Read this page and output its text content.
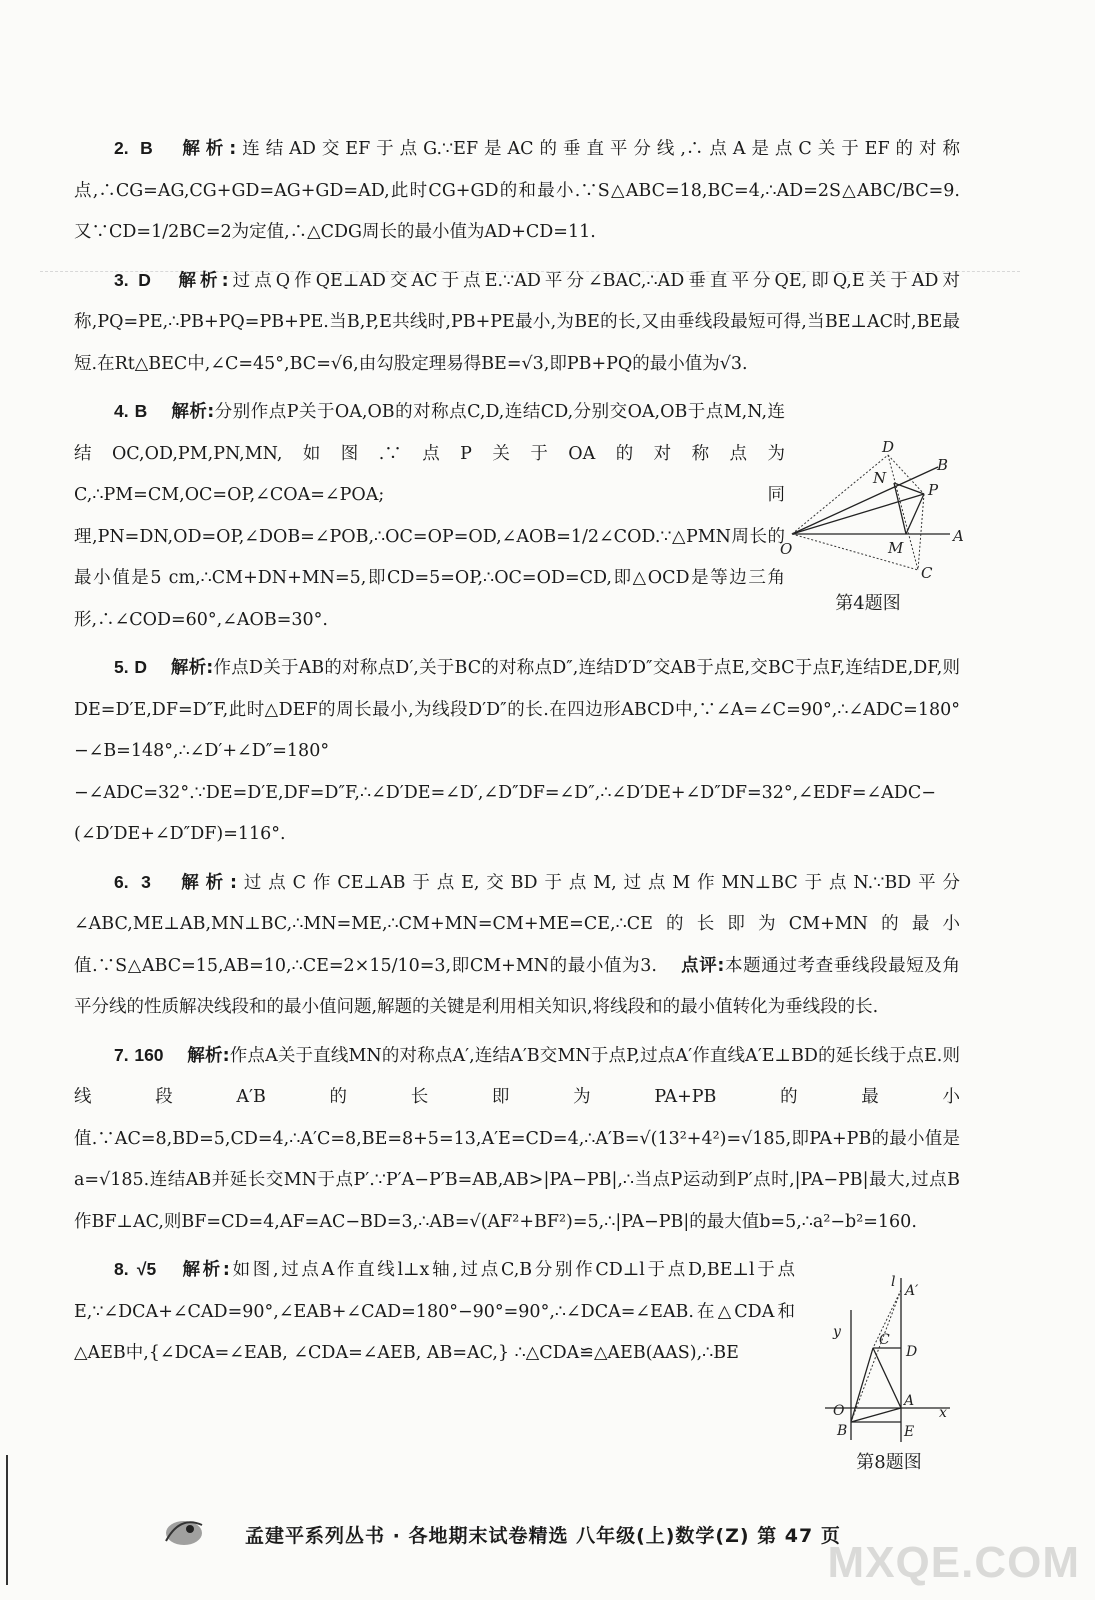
2. B 解析:连结AD交EF于点G.∵EF是AC的垂直平分线,∴点A是点C关于EF的对称点,∴CG=AG,CG+GD=AG+GD=AD,此时CG+GD的和最小.∵S△ABC=18,BC=4,∴AD=2S△ABC/BC=9.又∵CD=1/2BC=2为定值,∴△CDG周长的最小值为AD+CD=11.

3. D 解析:过点Q作QE⊥AD交AC于点E.∵AD平分∠BAC,∴AD垂直平分QE,即Q,E关于AD对称,PQ=PE,∴PB+PQ=PB+PE.当B,P,E共线时,PB+PE最小,为BE的长,又由垂线段最短可得,当BE⊥AC时,BE最短.在Rt△BEC中,∠C=45°,BC=√6,由勾股定理易得BE=√3,即PB+PQ的最小值为√3.

4. B 解析:分别作点P关于OA,OB的对称点C,D,连结CD,分别交OA,OB于点M,N,连结OC,OD,PM,PN,MN,如图.∵点P关于OA的对称点为C,∴PM=CM,OC=OP,∠COA=∠POA;同理,PN=DN,OD=OP,∠DOB=∠POB,∴OC=OP=OD,∠AOB=1/2∠COD.∵△PMN周长的最小值是5 cm,∴CM+DN+MN=5,即CD=5=OP,∴OC=OD=CD,即△OCD是等边三角形,∴∠COD=60°,∠AOB=30°.

5. D 解析:作点D关于AB的对称点D′,关于BC的对称点D″,连结D′D″交AB于点E,交BC于点F,连结DE,DF,则DE=D′E,DF=D″F,此时△DEF的周长最小,为线段D′D″的长.在四边形ABCD中,∵∠A=∠C=90°,∴∠ADC=180°−∠B=148°,∴∠D′+∠D″=180°−∠ADC=32°.∵DE=D′E,DF=D″F,∴∠D′DE=∠D′,∠D″DF=∠D″,∴∠D′DE+∠D″DF=32°,∠EDF=∠ADC−(∠D′DE+∠D″DF)=116°.

6. 3 解析:过点C作CE⊥AB于点E,交BD于点M,过点M作MN⊥BC于点N.∵BD平分∠ABC,ME⊥AB,MN⊥BC,∴MN=ME,∴CM+MN=CM+ME=CE,∴CE的长即为CM+MN的最小值.∵S△ABC=15,AB=10,∴CE=2×15/10=3,即CM+MN的最小值为3. 点评:本题通过考查垂线段最短及角平分线的性质解决线段和的最小值问题,解题的关键是利用相关知识,将线段和的最小值转化为垂线段的长.

7. 160 解析:作点A关于直线MN的对称点A′,连结A′B交MN于点P,过点A′作直线A′E⊥BD的延长线于点E.则线段A′B的长即为PA+PB的最小值.∵AC=8,BD=5,CD=4,∴A′C=8,BE=8+5=13,A′E=CD=4,∴A′B=√(13²+4²)=√185,即PA+PB的最小值是a=√185.连结AB并延长交MN于点P′.∵P′A−P′B=AB,AB>|PA−PB|,∴当点P运动到P′点时,|PA−PB|最大,过点B作BF⊥AC,则BF=CD=4,AF=AC−BD=3,∴AB=√(AF²+BF²)=5,∴|PA−PB|的最大值b=5,∴a²−b²=160.

8. √5 解析:如图,过点A作直线l⊥x轴,过点C,B分别作CD⊥l于点D,BE⊥l于点E,∵∠DCA+∠CAD=90°,∠EAB+∠CAD=180°−90°=90°,∴∠DCA=∠EAB.在△CDA和△AEB中,{∠DCA=∠EAB, ∠CDA=∠AEB, AB=AC,} ∴△CDA≌△AEB(AAS),∴BE

O
A
B
C
D
M
N
P
第4题图
l
A′
y
x
C
D
O
B
A
E
第8题图
孟建平系列丛书 · 各地期末试卷精选 八年级(上)数学(Z) 第 47 页
MXQE.COM
